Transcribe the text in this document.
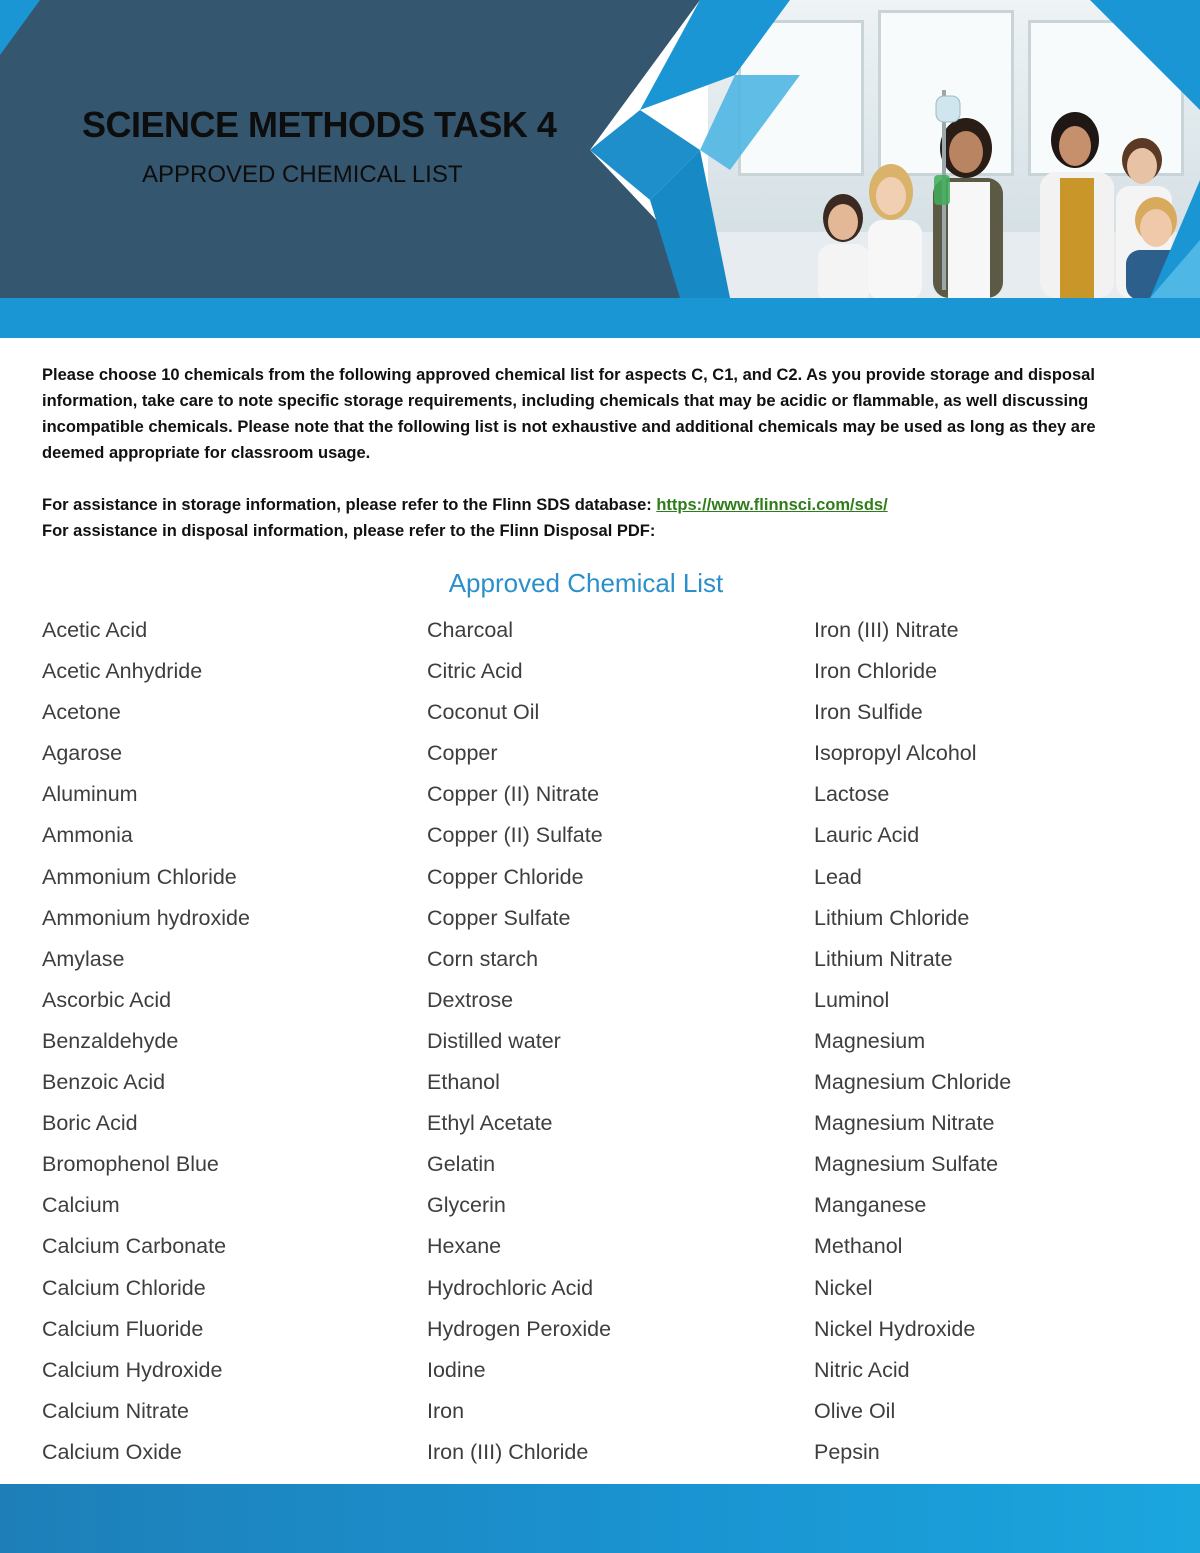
SCIENCE METHODS TASK 4
APPROVED CHEMICAL LIST

Please choose 10 chemicals from the following approved chemical list for aspects C, C1, and C2. As you provide storage and disposal information, take care to note specific storage requirements, including chemicals that may be acidic or flammable, as well discussing incompatible chemicals. Please note that the following list is not exhaustive and additional chemicals may be used as long as they are deemed appropriate for classroom usage.

For assistance in storage information, please refer to the Flinn SDS database: https://www.flinnsci.com/sds/
For assistance in disposal information, please refer to the Flinn Disposal PDF:
Approved Chemical List
Acetic Acid
Acetic Anhydride
Acetone
Agarose
Aluminum
Ammonia
Ammonium Chloride
Ammonium hydroxide
Amylase
Ascorbic Acid
Benzaldehyde
Benzoic Acid
Boric Acid
Bromophenol Blue
Calcium
Calcium Carbonate
Calcium Chloride
Calcium Fluoride
Calcium Hydroxide
Calcium Nitrate
Calcium Oxide
Charcoal
Citric Acid
Coconut Oil
Copper
Copper (II) Nitrate
Copper (II) Sulfate
Copper Chloride
Copper Sulfate
Corn starch
Dextrose
Distilled water
Ethanol
Ethyl Acetate
Gelatin
Glycerin
Hexane
Hydrochloric Acid
Hydrogen Peroxide
Iodine
Iron
Iron (III) Chloride
Iron (III) Nitrate
Iron Chloride
Iron Sulfide
Isopropyl Alcohol
Lactose
Lauric Acid
Lead
Lithium Chloride
Lithium Nitrate
Luminol
Magnesium
Magnesium Chloride
Magnesium Nitrate
Magnesium Sulfate
Manganese
Methanol
Nickel
Nickel Hydroxide
Nitric Acid
Olive Oil
Pepsin
